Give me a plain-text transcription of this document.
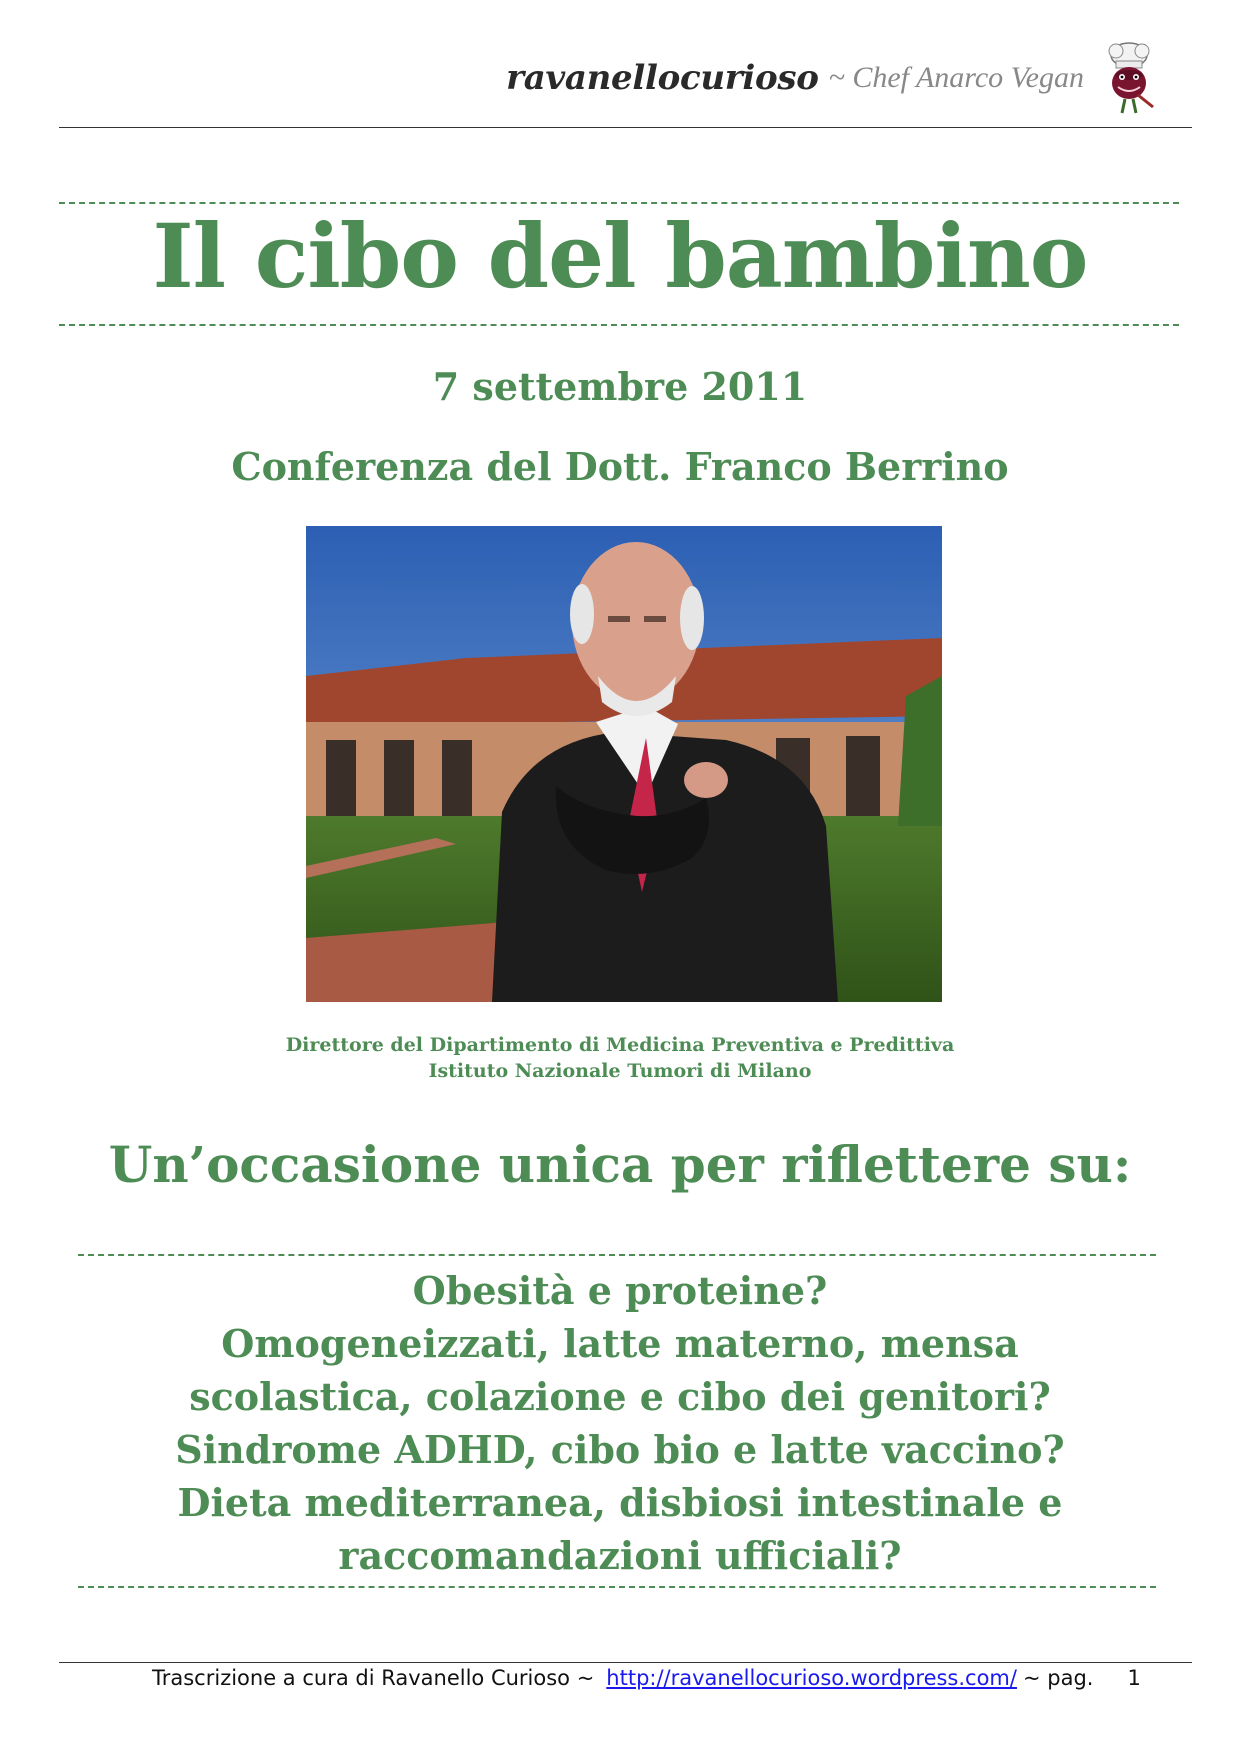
ravanellocurioso ~ Chef Anarco Vegan
Il cibo del bambino
7 settembre 2011
Conferenza del Dott. Franco Berrino
Direttore del Dipartimento di Medicina Preventiva e Predittiva
Istituto Nazionale Tumori di Milano
Un’occasione unica per riflettere su:
Obesità e proteine?
Omogeneizzati, latte materno, mensa
scolastica, colazione e cibo dei genitori?
Sindrome ADHD, cibo bio e latte vaccino?
Dieta mediterranea, disbiosi intestinale e
raccomandazioni ufficiali?
Trascrizione a cura di Ravanello Curioso ~ http://ravanellocurioso.wordpress.com/ ~ pag. 1
